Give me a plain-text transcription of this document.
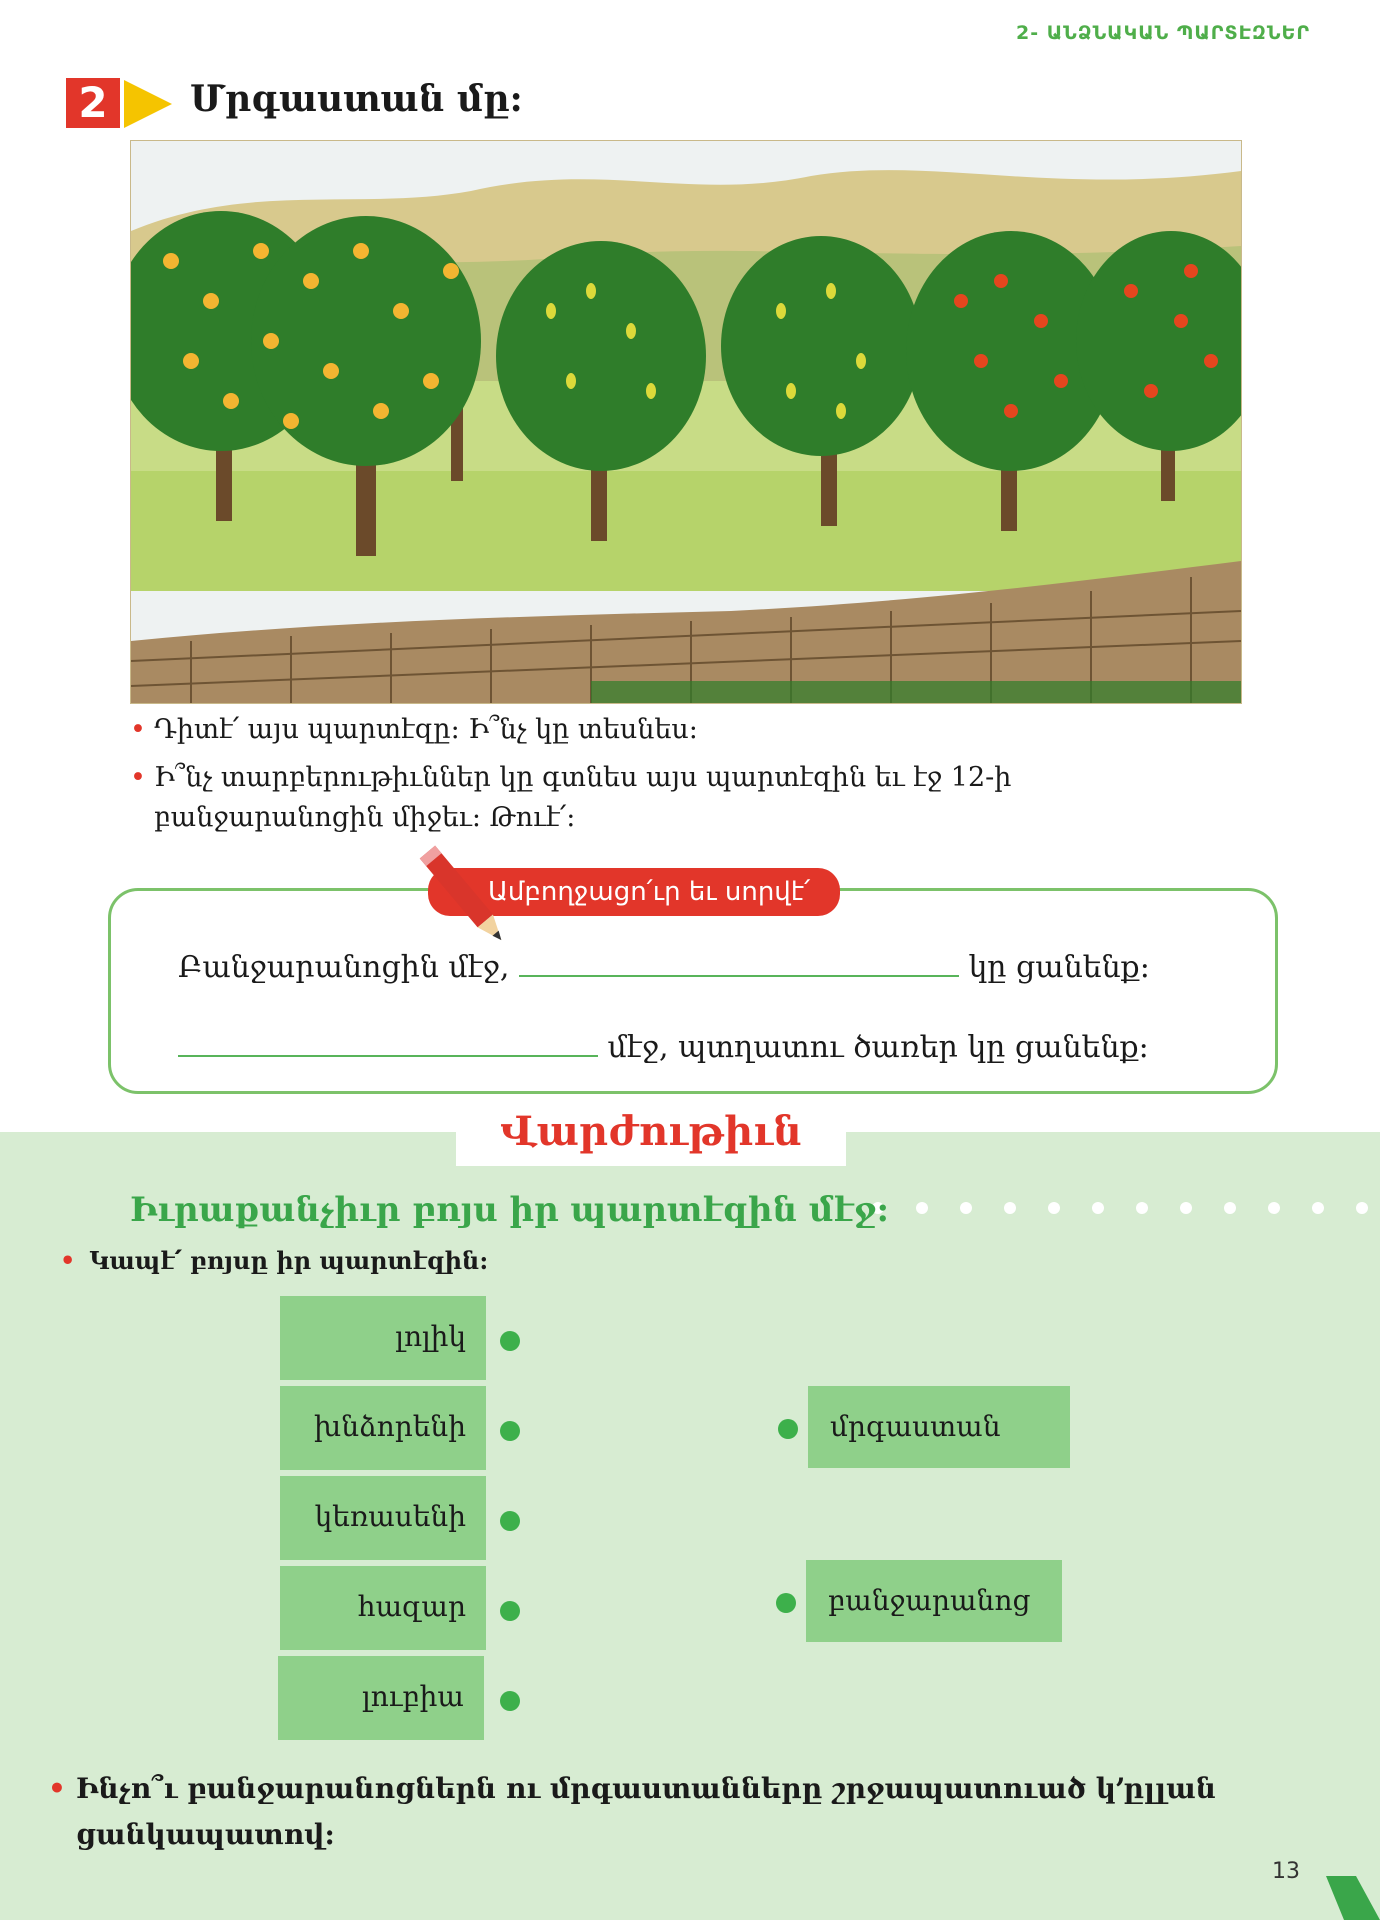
2- ԱՆՁՆԱԿԱՆ ՊԱՐՏԷԶՆԵՐ
2	Մրգաստան մը:
• Դիտէ՛ այս պարտէզը: Ի՞նչ կը տեսնես:
• Ի՞նչ տարբերութիւններ կը գտնես այս պարտէզին եւ էջ 12-ի բանջարանոցին միջեւ: Թուէ՛:
Ամբողջացո՛ւր եւ սորվէ՛
Բանջարանոցին մէջ,	կը ցանենք:
մէջ, պտղատու ծառեր կը ցանենք:
Վարժութիւն
Իւրաքանչիւր բոյս իր պարտէզին մէջ:
• Կապէ՛ բոյսը իր պարտէզին:
լոլիկ
խնձորենի
կեռասենի
հազար
լուբիա
մրգաստան
բանջարանոց
• Ինչո՞ւ բանջարանոցներն ու մրգաստանները շրջապատուած կ՚ըլլան ցանկապատով:
13
